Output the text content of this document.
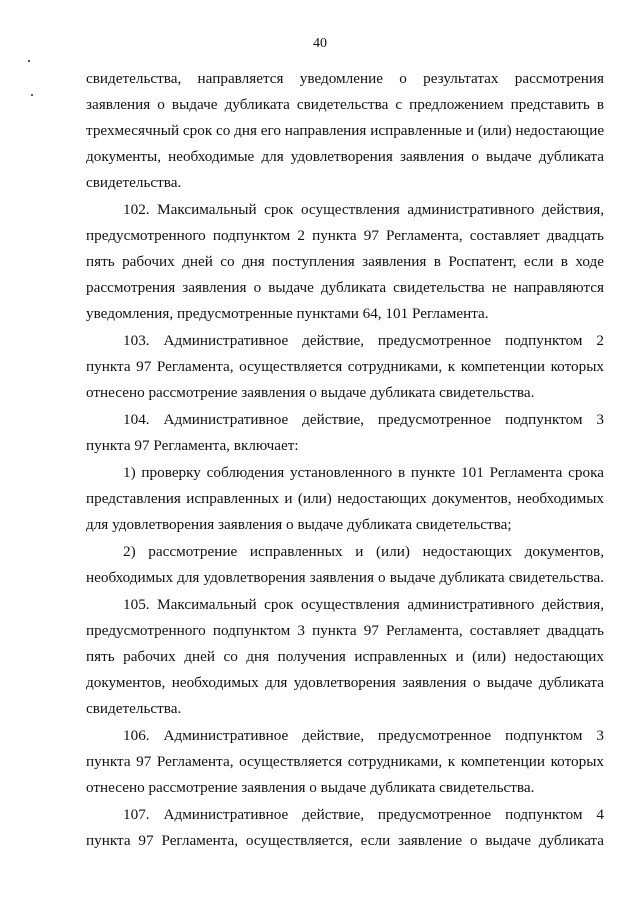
40
свидетельства, направляется уведомление о результатах рассмотрения
заявления о выдаче дубликата свидетельства с предложением представить в
трехмесячный срок со дня его направления исправленные и (или) недостающие
документы, необходимые для удовлетворения заявления о выдаче дубликата
свидетельства.
102. Максимальный срок осуществления административного действия,
предусмотренного подпунктом 2 пункта 97 Регламента, составляет двадцать
пять рабочих дней со дня поступления заявления в Роспатент, если в ходе
рассмотрения заявления о выдаче дубликата свидетельства не направляются
уведомления, предусмотренные пунктами 64, 101 Регламента.
103. Административное действие, предусмотренное подпунктом 2
пункта 97 Регламента, осуществляется сотрудниками, к компетенции которых
отнесено рассмотрение заявления о выдаче дубликата свидетельства.
104. Административное действие, предусмотренное подпунктом 3
пункта 97 Регламента, включает:
1) проверку соблюдения установленного в пункте 101 Регламента срока
представления исправленных и (или) недостающих документов, необходимых
для удовлетворения заявления о выдаче дубликата свидетельства;
2) рассмотрение исправленных и (или) недостающих документов,
необходимых для удовлетворения заявления о выдаче дубликата свидетельства.
105. Максимальный срок осуществления административного действия,
предусмотренного подпунктом 3 пункта 97 Регламента, составляет двадцать
пять рабочих дней со дня получения исправленных и (или) недостающих
документов, необходимых для удовлетворения заявления о выдаче дубликата
свидетельства.
106. Административное действие, предусмотренное подпунктом 3
пункта 97 Регламента, осуществляется сотрудниками, к компетенции которых
отнесено рассмотрение заявления о выдаче дубликата свидетельства.
107. Административное действие, предусмотренное подпунктом 4
пункта 97 Регламента, осуществляется, если заявление о выдаче дубликата
